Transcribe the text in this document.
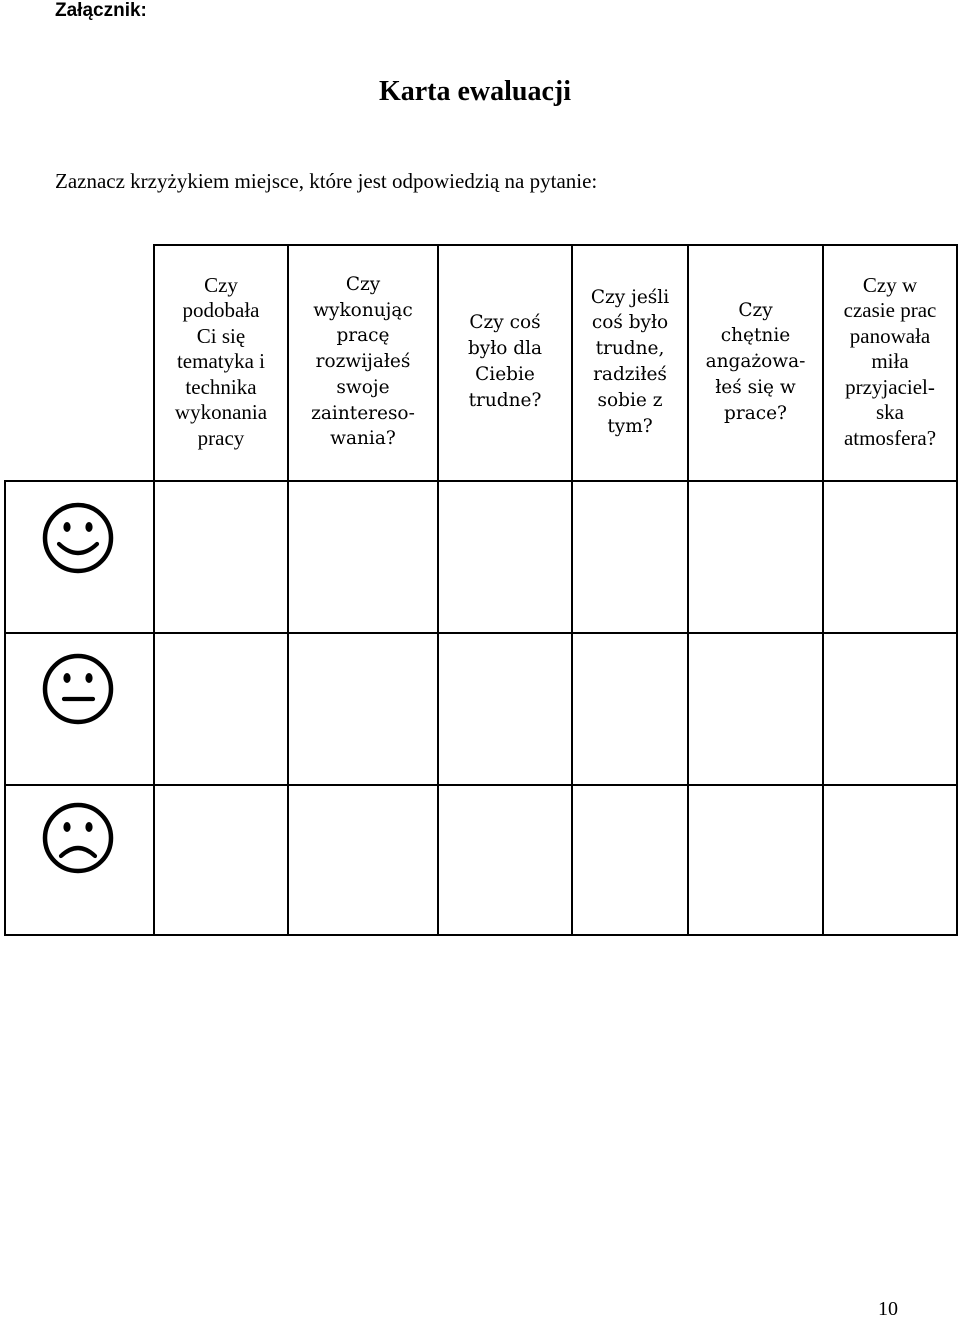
Załącznik:
Karta ewaluacji
Zaznacz krzyżykiem miejsce, które jest odpowiedzią na pytanie:
Czy
podobała
Ci się
tematyka i
technika
wykonania
pracy
Czy
wykonując
pracę
rozwijałeś
swoje
zaintereso-
wania?
Czy coś
było dla
Ciebie
trudne?
Czy jeśli
coś było
trudne,
radziłeś
sobie z
tym?
Czy
chętnie
angażowa-
łeś się w
prace?
Czy w
czasie prac
panowała
miła
przyjaciel-
ska
atmosfera?
10
